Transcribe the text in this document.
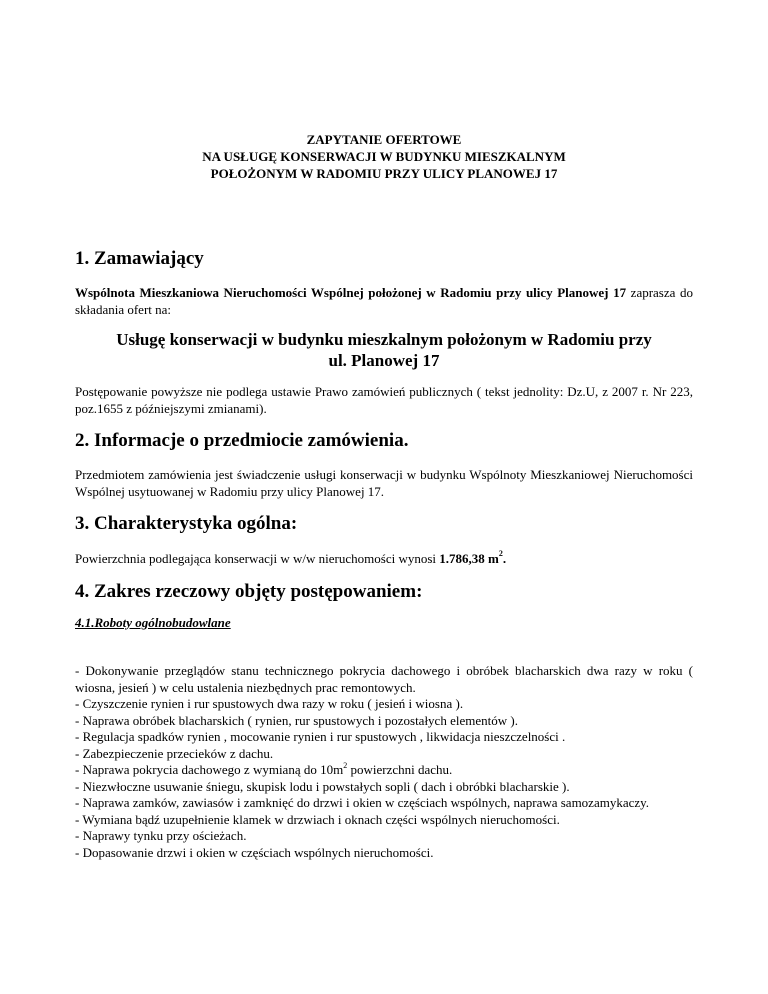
ZAPYTANIE OFERTOWE
NA USŁUGĘ KONSERWACJI W BUDYNKU MIESZKALNYM
POŁOŻONYM W RADOMIU PRZY ULICY PLANOWEJ 17
1. Zamawiający
Wspólnota Mieszkaniowa Nieruchomości Wspólnej położonej w Radomiu przy ulicy Planowej 17 zaprasza do składania ofert na:
Usługę konserwacji w budynku mieszkalnym położonym w Radomiu przy
ul. Planowej 17
Postępowanie powyższe nie podlega ustawie Prawo zamówień publicznych ( tekst jednolity: Dz.U, z 2007 r. Nr 223, poz.1655 z późniejszymi zmianami).
2. Informacje o przedmiocie zamówienia.
Przedmiotem zamówienia jest świadczenie usługi konserwacji w budynku Wspólnoty Mieszkaniowej Nieruchomości Wspólnej usytuowanej w Radomiu przy ulicy Planowej 17.
3. Charakterystyka ogólna:
Powierzchnia podlegająca konserwacji w w/w nieruchomości wynosi 1.786,38 $m^2$.
4. Zakres rzeczowy objęty postępowaniem:
4.1.Roboty ogólnobudowlane
- Dokonywanie przeglądów stanu technicznego pokrycia dachowego i obróbek blacharskich dwa razy w roku ( wiosna, jesień ) w celu ustalenia niezbędnych prac remontowych.
- Czyszczenie rynien i rur spustowych dwa razy w roku ( jesień i wiosna ).
- Naprawa obróbek blacharskich ( rynien, rur spustowych i pozostałych elementów ).
- Regulacja spadków rynien , mocowanie rynien i rur spustowych , likwidacja nieszczelności .
- Zabezpieczenie przecieków z dachu.
- Naprawa pokrycia dachowego z wymianą do $10m^2$ powierzchni dachu.
- Niezwłoczne usuwanie śniegu, skupisk lodu i powstałych sopli ( dach i obróbki blacharskie ).
- Naprawa zamków, zawiasów i zamknięć do drzwi i okien w częściach wspólnych, naprawa samozamykaczy.
- Wymiana bądź uzupełnienie klamek w drzwiach i oknach części wspólnych nieruchomości.
- Naprawy tynku przy ościeżach.
- Dopasowanie drzwi i okien w częściach wspólnych nieruchomości.
